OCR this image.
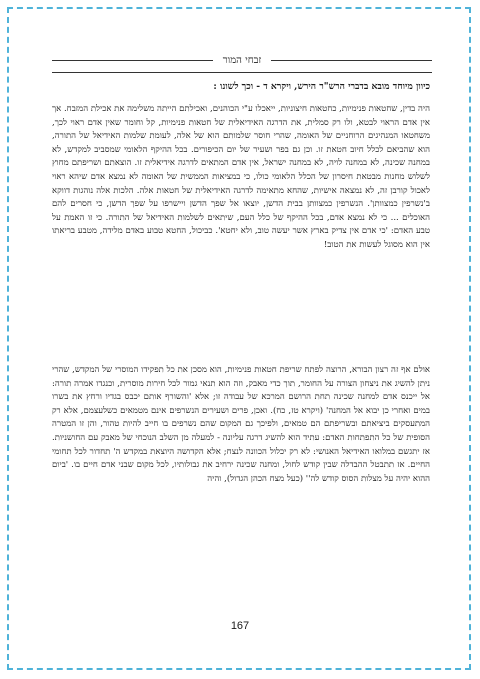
זבחי המור
כיוון מיוחד מובא בדברי הרש"ר הירש, ויקרא ד - וכך לשונו :

היה בדין, שחטאות פנימיות, כחטאות חיצוניות, ייאכלו ע"י הכוהנים, ואכילתם הייתה משלימה את אכילת המזבח. אך אין אדם הראוי לבטא, ולו רק סמלית, את הדרגה האידיאלית של חטאות פנימיות, קל וחומר שאין אדם ראוי לכך, משחטאו המנהיגים הרוחניים של האומה, שהרי חוסר שלמותם הוא של אלה, לעומת שלמות האידיאל של התורה, הוא שהביאם לכלל חיוב חטאת זו. וכן גם בפר ושעיר של יום הכיפורים. בכל ההיקף הלאומי שמסביב למקדש, לא במחנה שכינה, לא במחנה לויה, לא במחנה ישראל, אין אדם המתאים לדרגה אידיאלית זו. הוצאתם ושריפתם מחוץ לשלוש מחנות מבטאת חיסרון של הכלל הלאומי כולו, כי במציאות הממשית של האומה לא נמצא אדם שיהא ראוי לאכול קורבן זה, לא נמצאה אישיות, שהחא מתאימה לדרגה האידיאלית של חטאות אלה. הלכות אלה נוהגות דווקא ב'נשרפין כמצוותן'. הנשרפין כמצוותן בבית הדשן, יוצאו אל שפך הדשן ויישרפו על שפך הדשן, כי חסרים להם האוכלים ... כי לא נמצא אדם, בכל ההיקף של כלל העם, שיתאים לשלמות האידיאל של התורה. כי זו האמת על טבע האדם: 'כי אדם אין צדיק בארץ אשר יעשה טוב, ולא יחטא'. כביכול, החטא טבוע באדם מלידה, מטבע בריאתו אין הוא מסוגל לעשות את הטוב!

אולם אף זה רצון הבורא, הרוצה לפתח שריפת חטאות פנימיות, הוא מסכן את כל תפקידו המוסרי של המקדש, שהרי ניתן להשיג את ניצחון הצורה על החומר, תוך כדי מאבק, וזה הוא תנאי גמור לכל חירות מוסרית, וכנגדו אמרה תורה: אל ייכנס אדם למחנה שכינה תחת הרושם המרכא של עבודה זו; אלא 'והשורף אותם יכבס בגדיו ורחץ את בשרו במים ואחרי כן יבוא אל המחנה' (ויקרא טז, כח). ואכן, פרים ושעירים הנשרפים אינם מטמאים כשלעצמם, אלא רק המתעסקים ביציאתם ובשריפתם הם טמאים, ולפיכך גם המקום שהם נשרפים בו חייב להיות טהור, והן זו המטרה הסופית של כל התפתחות האדם: עתיד הוא להשיג דרגה עליונה - למעלה מן השלב הנוכחי של מאבק עם החושניות. אז יתגשם במלואו האידיאל האנושי: לא רק יכלול הכוונה לנצח; אלא הקדושה היוצאת במקדש ה' תחדור לכל תחומי החיים. אז תתבטל ההבדלה שבין קודש לחול, ומחנה שכינה ירחיב את גבולותיו, לכל מקום שבני אדם חיים בו. 'ביום ההוא יהיה על מצלות הסוס קודש לה'' (כעל מצח הכהן הגדול), והיה

167
